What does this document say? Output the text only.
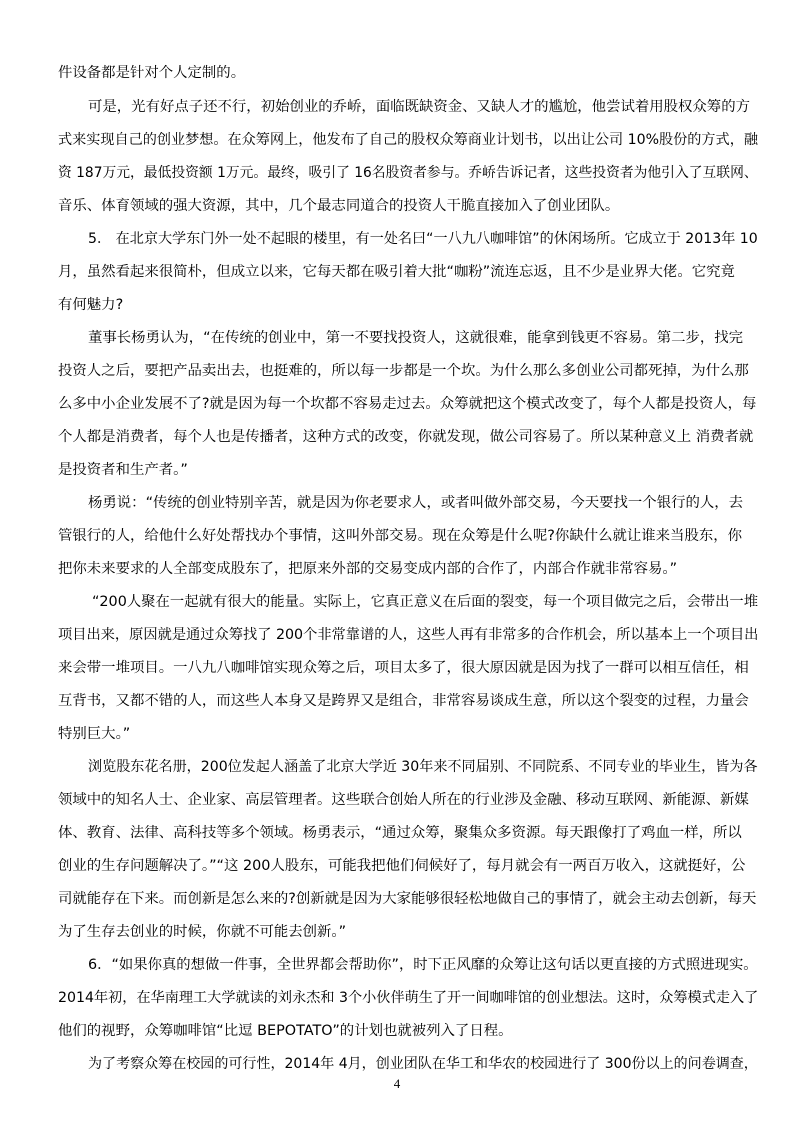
件设备都是针对个人定制的。
可是，光有好点子还不行，初始创业的乔峤，面临既缺资金、又缺人才的尴尬，他尝试着用股权众筹的方
式来实现自己的创业梦想。在众筹网上，他发布了自己的股权众筹商业计划书，以出让公司 10%股份的方式，融
资 187万元，最低投资额 1万元。最终，吸引了 16名股资者参与。乔峤告诉记者，这些投资者为他引入了互联网、
音乐、体育领域的强大资源，其中，几个最志同道合的投资人干脆直接加入了创业团队。
5． 在北京大学东门外一处不起眼的楼里，有一处名曰“一八九八咖啡馆”的休闲场所。它成立于 2013年 10
月，虽然看起来很简朴，但成立以来，它每天都在吸引着大批“咖粉”流连忘返，且不少是业界大佬。它究竟
有何魅力?
董事长杨勇认为，“在传统的创业中，第一不要找投资人，这就很难，能拿到钱更不容易。第二步，找完
投资人之后，要把产品卖出去，也挺难的，所以每一步都是一个坎。为什么那么多创业公司都死掉，为什么那
么多中小企业发展不了?就是因为每一个坎都不容易走过去。众筹就把这个模式改变了，每个人都是投资人，每
个人都是消费者，每个人也是传播者，这种方式的改变，你就发现，做公司容易了。所以某种意义上 消费者就
是投资者和生产者。”
杨勇说：“传统的创业特别辛苦，就是因为你老要求人，或者叫做外部交易，今天要找一个银行的人，去
管银行的人，给他什么好处帮找办个事情，这叫外部交易。现在众筹是什么呢?你缺什么就让谁来当股东，你
把你未来要求的人全部变成股东了，把原来外部的交易变成内部的合作了，内部合作就非常容易。”
“200人聚在一起就有很大的能量。实际上，它真正意义在后面的裂变，每一个项目做完之后，会带出一堆
项目出来，原因就是通过众筹找了 200个非常靠谱的人，这些人再有非常多的合作机会，所以基本上一个项目出
来会带一堆项目。一八九八咖啡馆实现众筹之后，项目太多了，很大原因就是因为找了一群可以相互信任，相
互背书，又都不错的人，而这些人本身又是跨界又是组合，非常容易谈成生意，所以这个裂变的过程，力量会
特别巨大。”
浏览股东花名册，200位发起人涵盖了北京大学近 30年来不同届别、不同院系、不同专业的毕业生，皆为各
领域中的知名人士、企业家、高层管理者。这些联合创始人所在的行业涉及金融、移动互联网、新能源、新媒
体、教育、法律、高科技等多个领域。杨勇表示，“通过众筹，聚集众多资源。每天跟像打了鸡血一样，所以
创业的生存问题解决了。”“这 200人股东，可能我把他们伺候好了，每月就会有一两百万收入，这就挺好，公
司就能存在下来。而创新是怎么来的?创新就是因为大家能够很轻松地做自己的事情了，就会主动去创新，每天
为了生存去创业的时候，你就不可能去创新。”
6．“如果你真的想做一件事，全世界都会帮助你”，时下正风靡的众筹让这句话以更直接的方式照进现实。
2014年初，在华南理工大学就读的刘永杰和 3个小伙伴萌生了开一间咖啡馆的创业想法。这时，众筹模式走入了
他们的视野，众筹咖啡馆“比逗 BEPOTATO”的计划也就被列入了日程。
为了考察众筹在校园的可行性，2014年 4月，创业团队在华工和华农的校园进行了 300份以上的问卷调查，
4
